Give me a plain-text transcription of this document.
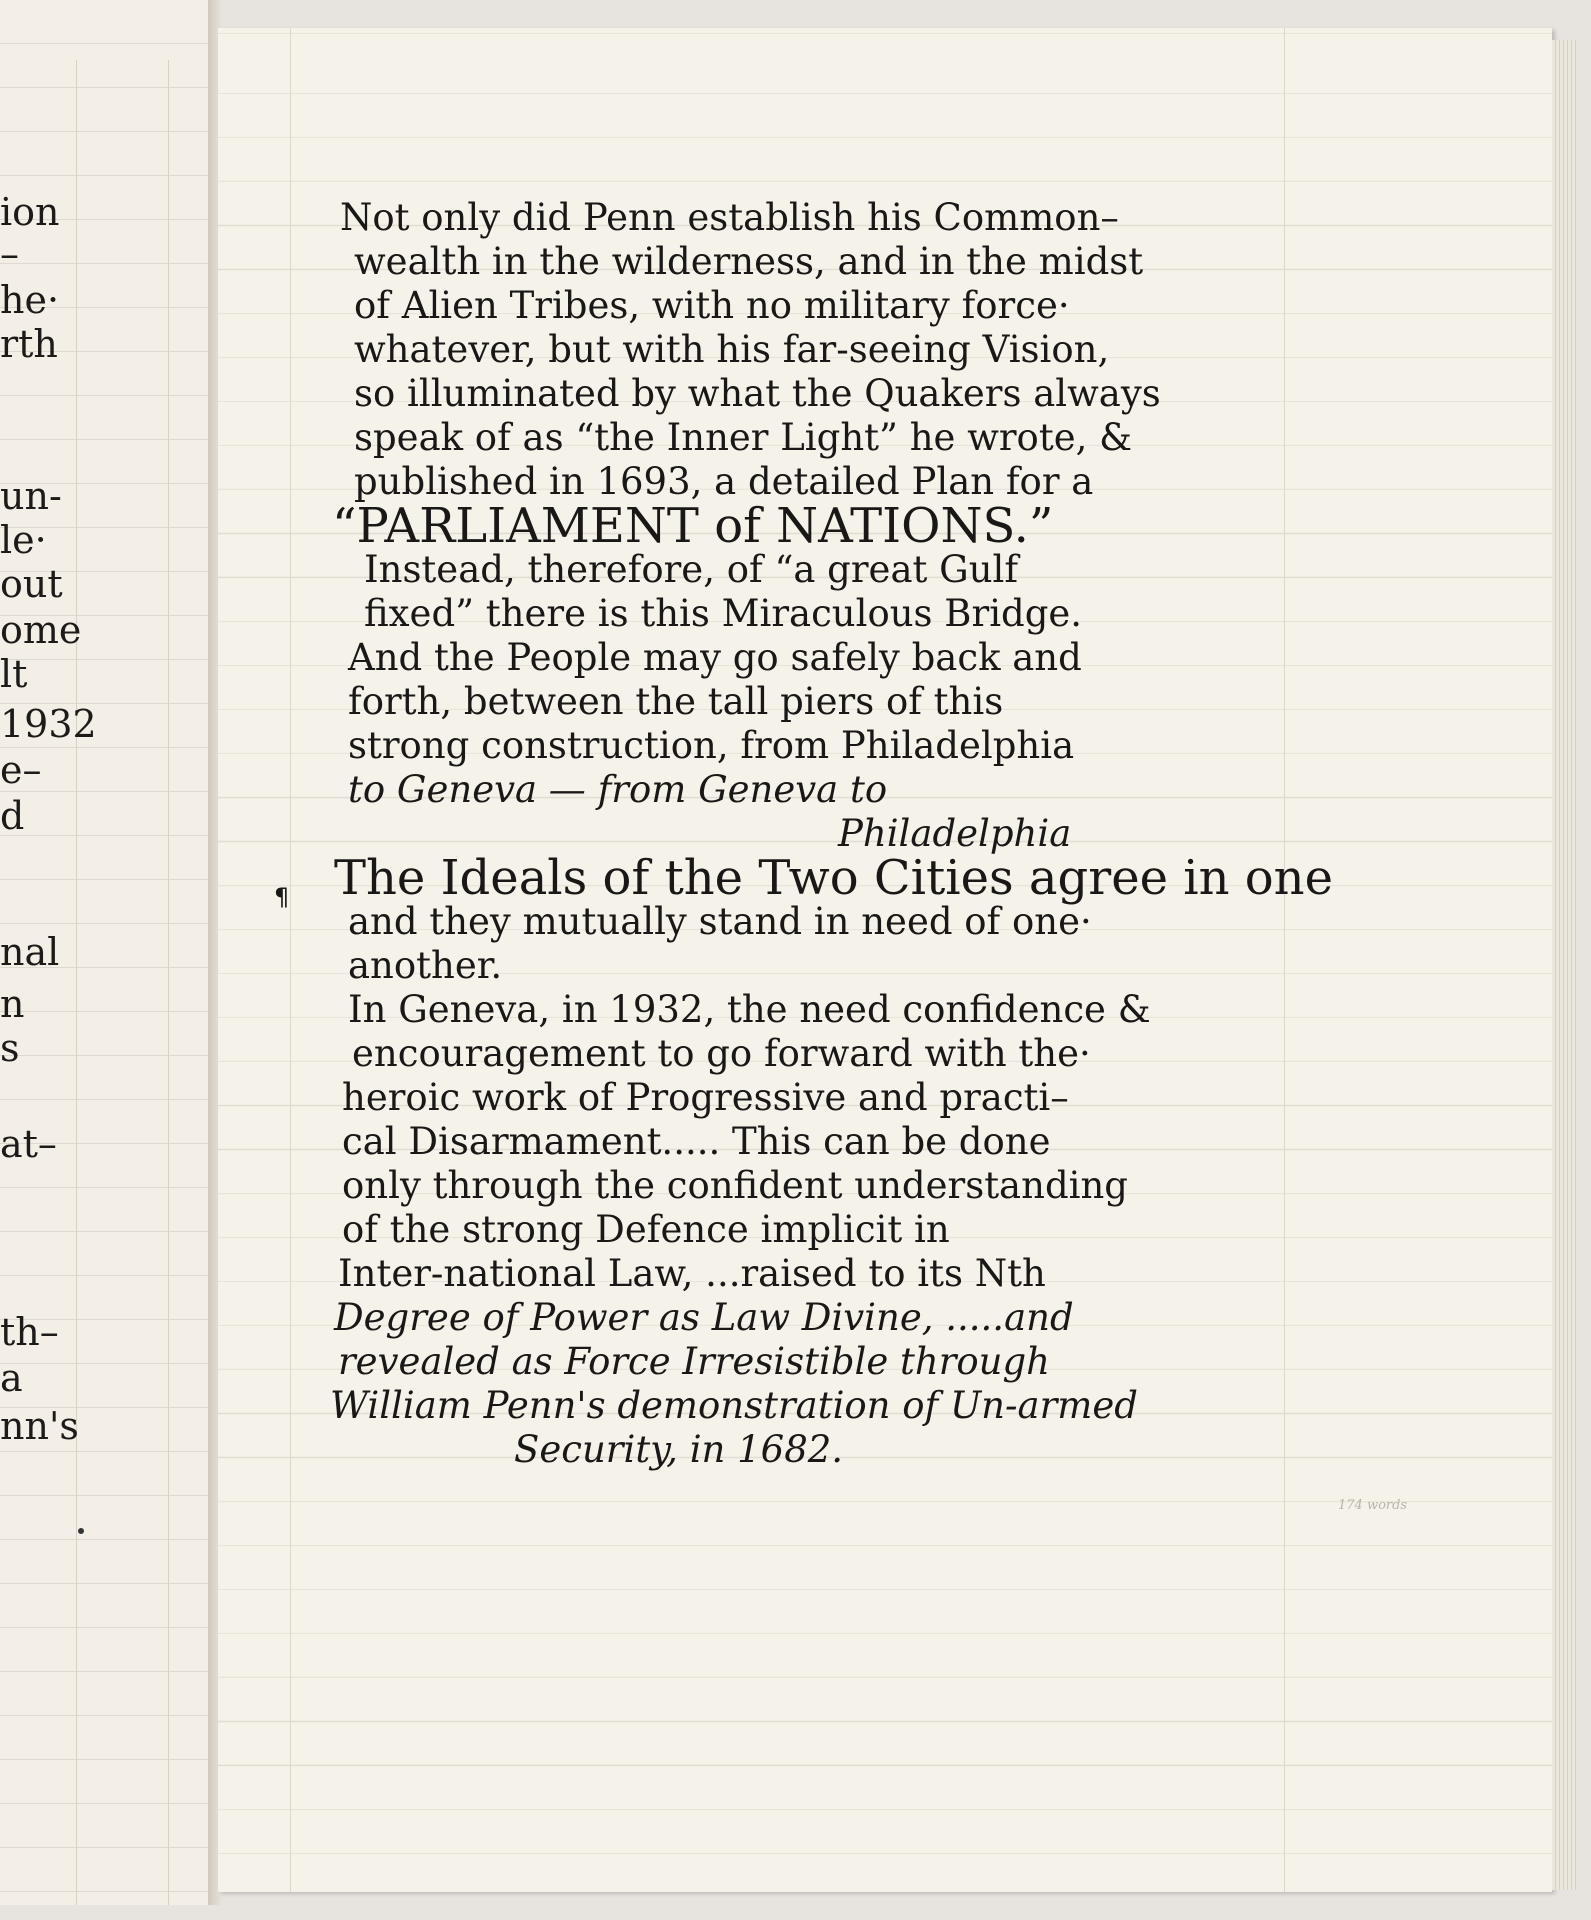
ion

–

he·

rth

un-

le·

out

ome

lt

1932

e–

d

nal

n

s

at–

th–

a

nn's

Not only did Penn establish his Common–

wealth in the wilderness, and in the midst

of Alien Tribes, with no military force·

whatever, but with his far-seeing Vision,

so illuminated by what the Quakers always

speak of as “the Inner Light” he wrote, &

published in 1693, a detailed Plan for a

“PARLIAMENT of NATIONS.”

Instead, therefore, of “a great Gulf

fixed” there is this Miraculous Bridge.

And the People may go safely back and

forth, between the tall piers of this

strong construction, from Philadelphia

to Geneva — from Geneva to

Philadelphia

The Ideals of the Two Cities agree in one

and they mutually stand in need of one·

another.

In Geneva, in 1932, the need confidence &

encouragement to go forward with the·

heroic work of Progressive and practi–

cal Disarmament..... This can be done

only through the confident understanding

of the strong Defence implicit in

Inter-national Law, ...raised to its Nth

Degree of Power as Law Divine, .....and

revealed as Force Irresistible through

William Penn's demonstration of Un-armed

Security, in 1682.

¶
174 words
